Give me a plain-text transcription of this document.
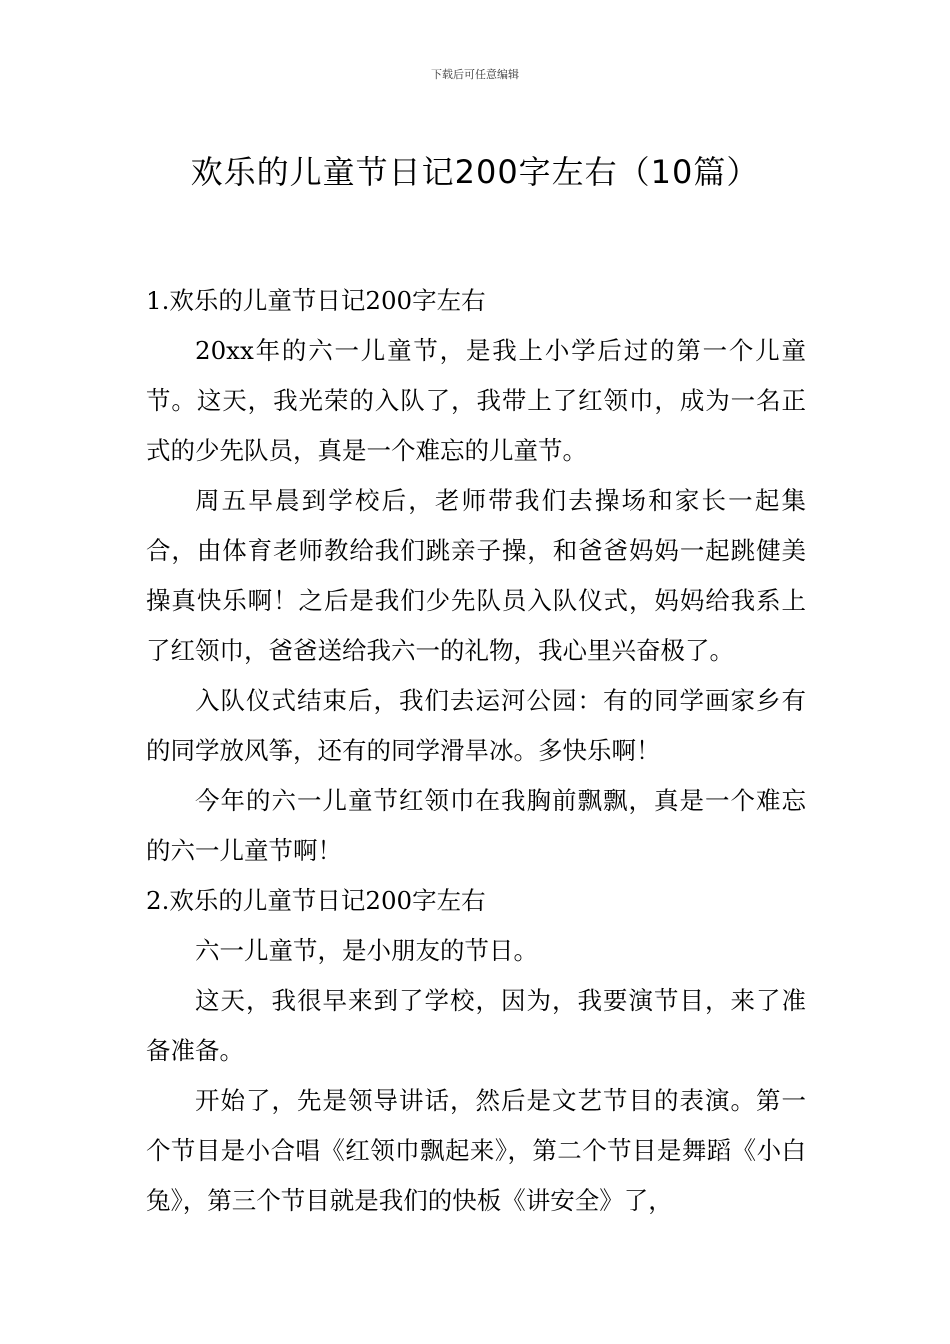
下载后可任意编辑
欢乐的儿童节日记200字左右（10篇）

1.欢乐的儿童节日记200字左右

20xx年的六一儿童节，是我上小学后过的第一个儿童节。这天，我光荣的入队了，我带上了红领巾，成为一名正式的少先队员，真是一个难忘的儿童节。

周五早晨到学校后，老师带我们去操场和家长一起集合，由体育老师教给我们跳亲子操，和爸爸妈妈一起跳健美操真快乐啊！之后是我们少先队员入队仪式，妈妈给我系上了红领巾，爸爸送给我六一的礼物，我心里兴奋极了。

入队仪式结束后，我们去运河公园：有的同学画家乡有的同学放风筝，还有的同学滑旱冰。多快乐啊！

今年的六一儿童节红领巾在我胸前飘飘，真是一个难忘的六一儿童节啊！

2.欢乐的儿童节日记200字左右

六一儿童节，是小朋友的节日。

这天，我很早来到了学校，因为，我要演节目，来了准备准备。

开始了，先是领导讲话，然后是文艺节目的表演。第一个节目是小合唱《红领巾飘起来》，第二个节目是舞蹈《小白兔》，第三个节目就是我们的快板《讲安全》了，
